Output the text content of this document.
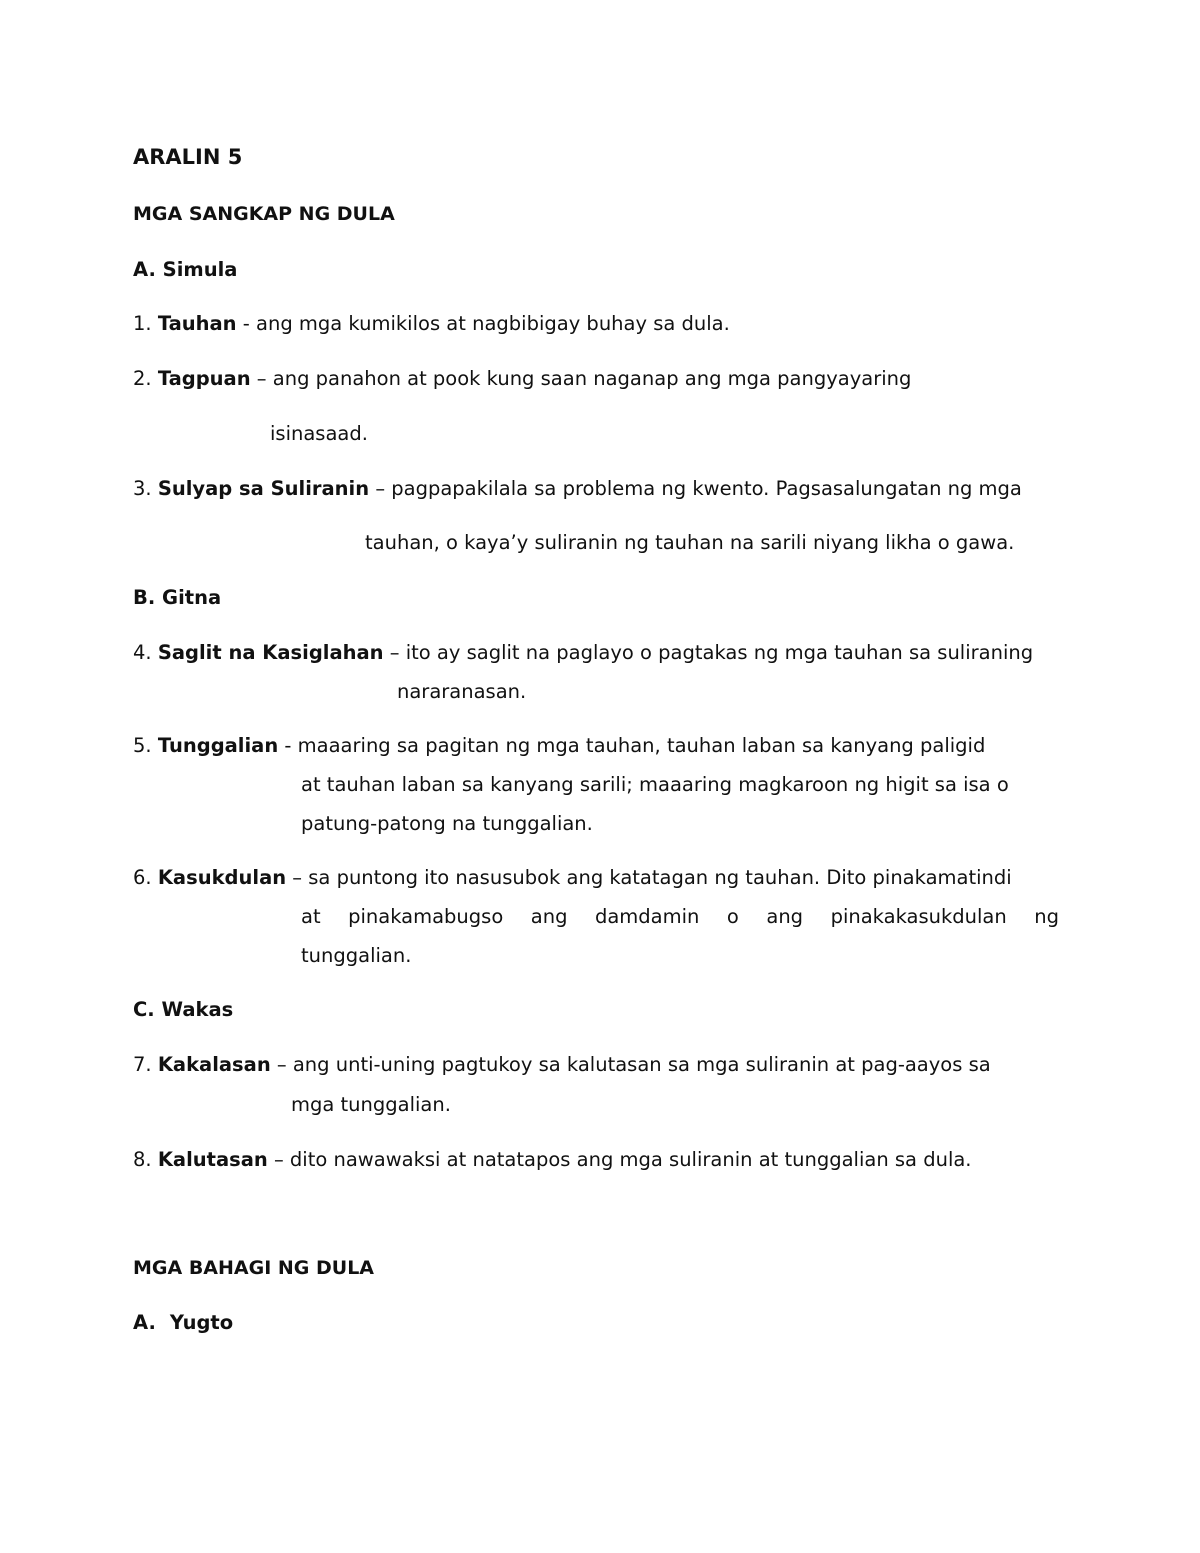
ARALIN 5
MGA SANGKAP NG DULA
A. Simula
1. Tauhan - ang mga kumikilos at nagbibigay buhay sa dula.
2. Tagpuan – ang panahon at pook kung saan naganap ang mga pangyayaring
isinasaad.
3. Sulyap sa Suliranin – pagpapakilala sa problema ng kwento. Pagsasalungatan ng mga
tauhan, o kaya’y suliranin ng tauhan na sarili niyang likha o gawa.
B. Gitna
4. Saglit na Kasiglahan – ito ay saglit na paglayo o pagtakas ng mga tauhan sa suliraning
nararanasan.
5. Tunggalian - maaaring sa pagitan ng mga tauhan, tauhan laban sa kanyang paligid
at tauhan laban sa kanyang sarili; maaaring magkaroon ng higit sa isa o
patung-patong na tunggalian.
6. Kasukdulan – sa puntong ito nasusubok ang katatagan ng tauhan. Dito pinakamatindi
at pinakamabugso ang damdamin o ang pinakakasukdulan ng
tunggalian.
C. Wakas
7. Kakalasan – ang unti-uning pagtukoy sa kalutasan sa mga suliranin at pag-aayos sa
mga tunggalian.
8. Kalutasan – dito nawawaksi at natatapos ang mga suliranin at tunggalian sa dula.
MGA BAHAGI NG DULA
A. Yugto
